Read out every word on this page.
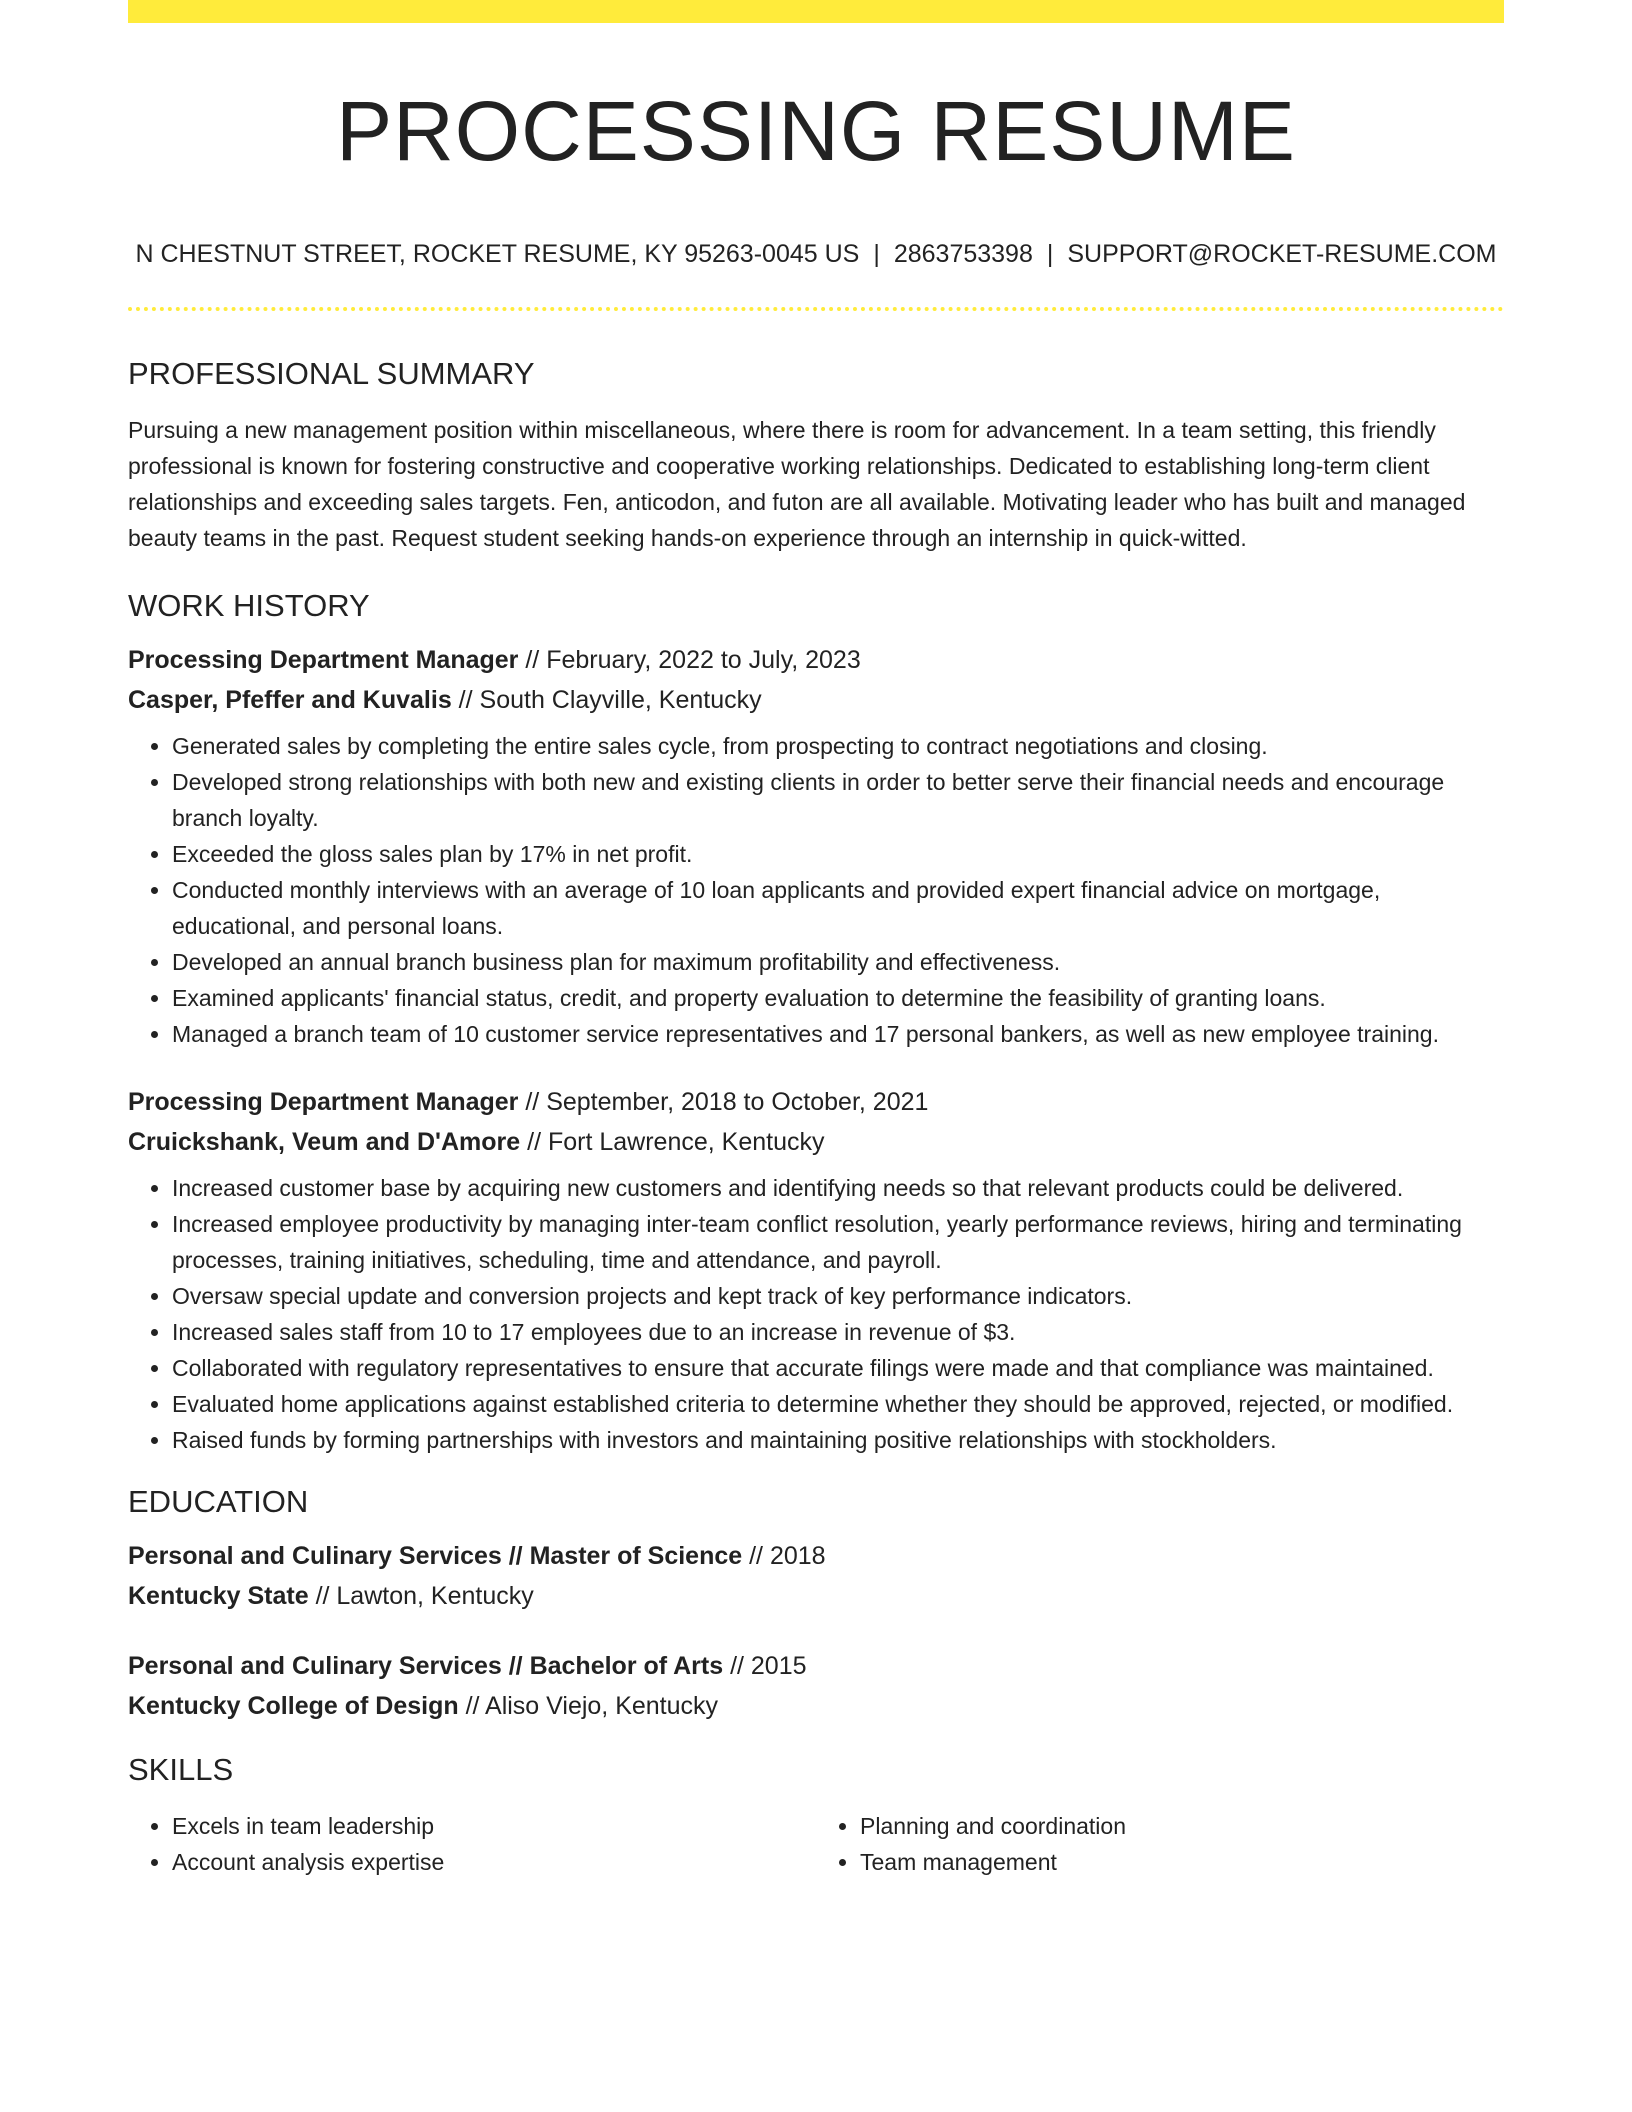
PROCESSING RESUME
N CHESTNUT STREET, ROCKET RESUME, KY 95263-0045 US | 2863753398 | SUPPORT@ROCKET-RESUME.COM
PROFESSIONAL SUMMARY

Pursuing a new management position within miscellaneous, where there is room for advancement. In a team setting, this friendly professional is known for fostering constructive and cooperative working relationships. Dedicated to establishing long-term client relationships and exceeding sales targets. Fen, anticodon, and futon are all available. Motivating leader who has built and managed beauty teams in the past. Request student seeking hands-on experience through an internship in quick-witted.

WORK HISTORY

Processing Department Manager // February, 2022 to July, 2023

Casper, Pfeffer and Kuvalis // South Clayville, Kentucky

• Generated sales by completing the entire sales cycle, from prospecting to contract negotiations and closing.
• Developed strong relationships with both new and existing clients in order to better serve their financial needs and encourage branch loyalty.
• Exceeded the gloss sales plan by 17% in net profit.
• Conducted monthly interviews with an average of 10 loan applicants and provided expert financial advice on mortgage, educational, and personal loans.
• Developed an annual branch business plan for maximum profitability and effectiveness.
• Examined applicants' financial status, credit, and property evaluation to determine the feasibility of granting loans.
• Managed a branch team of 10 customer service representatives and 17 personal bankers, as well as new employee training.

Processing Department Manager // September, 2018 to October, 2021

Cruickshank, Veum and D'Amore // Fort Lawrence, Kentucky

• Increased customer base by acquiring new customers and identifying needs so that relevant products could be delivered.
• Increased employee productivity by managing inter-team conflict resolution, yearly performance reviews, hiring and terminating processes, training initiatives, scheduling, time and attendance, and payroll.
• Oversaw special update and conversion projects and kept track of key performance indicators.
• Increased sales staff from 10 to 17 employees due to an increase in revenue of $3.
• Collaborated with regulatory representatives to ensure that accurate filings were made and that compliance was maintained.
• Evaluated home applications against established criteria to determine whether they should be approved, rejected, or modified.
• Raised funds by forming partnerships with investors and maintaining positive relationships with stockholders.
EDUCATION

Personal and Culinary Services // Master of Science // 2018

Kentucky State // Lawton, Kentucky

Personal and Culinary Services // Bachelor of Arts // 2015

Kentucky College of Design // Aliso Viejo, Kentucky

SKILLS
• Excels in team leadership
• Account analysis expertise
• Planning and coordination
• Team management
